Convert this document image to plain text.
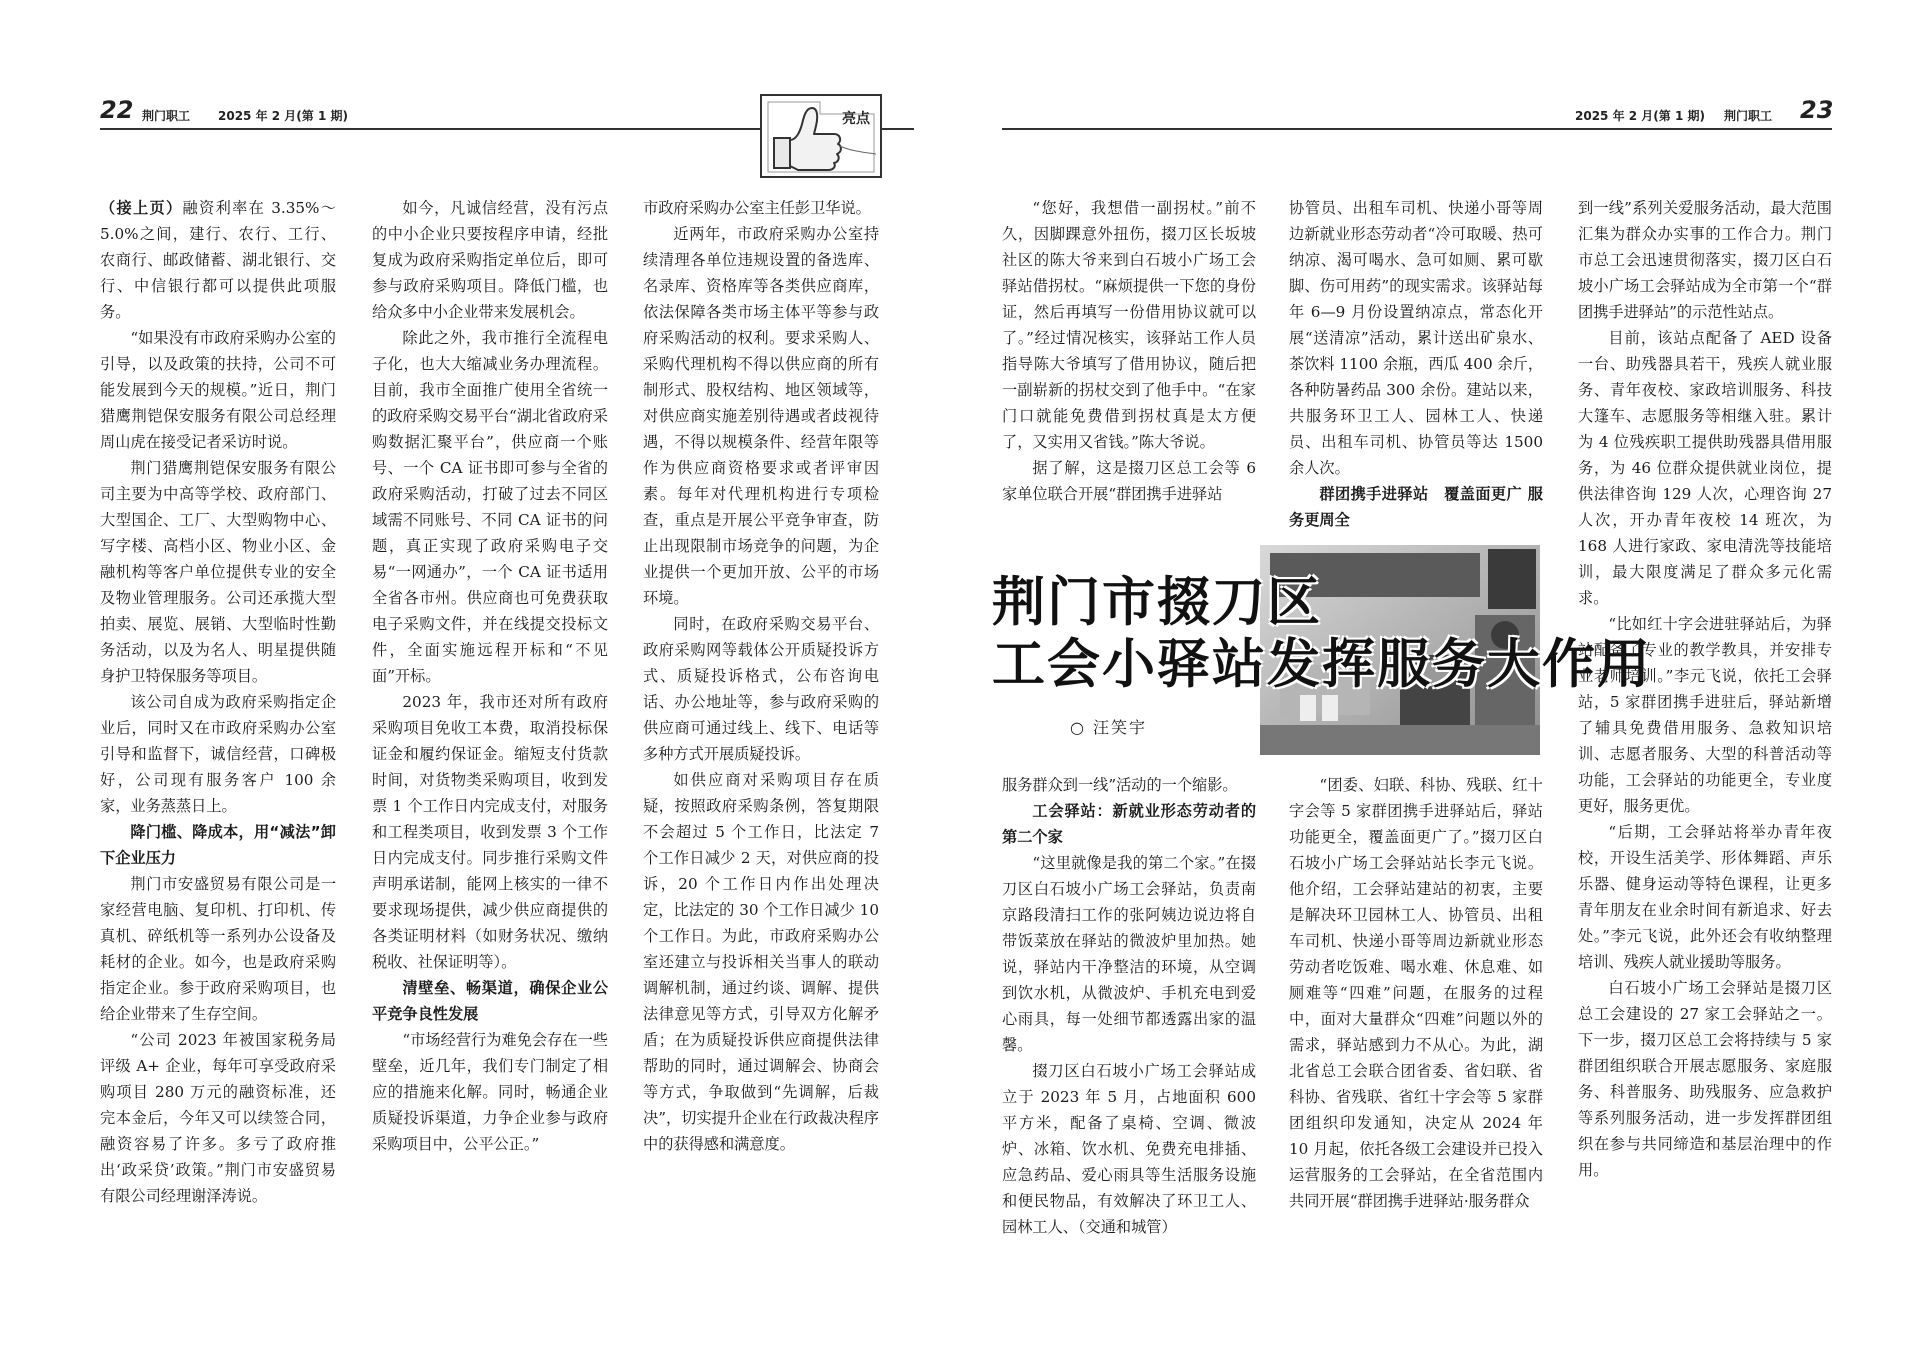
22 荆门职工 2025 年 2 月(第 1 期)	亮点	2025 年 2 月(第 1 期) 荆门职工 23

（接上页）融资利率在 3.35%～5.0%之间，建行、农行、工行、农商行、邮政储蓄、湖北银行、交行、中信银行都可以提供此项服务。

“如果没有市政府采购办公室的引导，以及政策的扶持，公司不可能发展到今天的规模。”近日，荆门猎鹰荆铠保安服务有限公司总经理周山虎在接受记者采访时说。

荆门猎鹰荆铠保安服务有限公司主要为中高等学校、政府部门、大型国企、工厂、大型购物中心、写字楼、高档小区、物业小区、金融机构等客户单位提供专业的安全及物业管理服务。公司还承揽大型拍卖、展览、展销、大型临时性勤务活动，以及为名人、明星提供随身护卫特保服务等项目。

该公司自成为政府采购指定企业后，同时又在市政府采购办公室引导和监督下，诚信经营，口碑极好，公司现有服务客户 100 余家，业务蒸蒸日上。

降门槛、降成本，用“减法”卸下企业压力

荆门市安盛贸易有限公司是一家经营电脑、复印机、打印机、传真机、碎纸机等一系列办公设备及耗材的企业。如今，也是政府采购指定企业。参于政府采购项目，也给企业带来了生存空间。

“公司 2023 年被国家税务局评级 A+ 企业，每年可享受政府采购项目 280 万元的融资标准，还完本金后，今年又可以续签合同，融资容易了许多。多亏了政府推出‘政采贷’政策。”荆门市安盛贸易有限公司经理谢泽涛说。

如今，凡诚信经营，没有污点的中小企业只要按程序申请，经批复成为政府采购指定单位后，即可参与政府采购项目。降低门槛，也给众多中小企业带来发展机会。

除此之外，我市推行全流程电子化，也大大缩减业务办理流程。目前，我市全面推广使用全省统一的政府采购交易平台“湖北省政府采购数据汇聚平台”，供应商一个账号、一个 CA 证书即可参与全省的政府采购活动，打破了过去不同区域需不同账号、不同 CA 证书的问题，真正实现了政府采购电子交易“一网通办”，一个 CA 证书适用全省各市州。供应商也可免费获取电子采购文件，并在线提交投标文件，全面实施远程开标和“不见面”开标。

2023 年，我市还对所有政府采购项目免收工本费，取消投标保证金和履约保证金。缩短支付货款时间，对货物类采购项目，收到发票 1 个工作日内完成支付，对服务和工程类项目，收到发票 3 个工作日内完成支付。同步推行采购文件声明承诺制，能网上核实的一律不要求现场提供，减少供应商提供的各类证明材料（如财务状况、缴纳税收、社保证明等）。

清壁垒、畅渠道，确保企业公平竞争良性发展

“市场经营行为难免会存在一些壁垒，近几年，我们专门制定了相应的措施来化解。同时，畅通企业质疑投诉渠道，力争企业参与政府采购项目中，公平公正。”

市政府采购办公室主任彭卫华说。

近两年，市政府采购办公室持续清理各单位违规设置的备选库、名录库、资格库等各类供应商库，依法保障各类市场主体平等参与政府采购活动的权利。要求采购人、采购代理机构不得以供应商的所有制形式、股权结构、地区领域等，对供应商实施差别待遇或者歧视待遇，不得以规模条件、经营年限等作为供应商资格要求或者评审因素。每年对代理机构进行专项检查，重点是开展公平竞争审查，防止出现限制市场竞争的问题，为企业提供一个更加开放、公平的市场环境。

同时，在政府采购交易平台、政府采购网等载体公开质疑投诉方式、质疑投诉格式，公布咨询电话、办公地址等，参与政府采购的供应商可通过线上、线下、电话等多种方式开展质疑投诉。

如供应商对采购项目存在质疑，按照政府采购条例，答复期限不会超过 5 个工作日，比法定 7 个工作日减少 2 天，对供应商的投诉，20 个工作日内作出处理决定，比法定的 30 个工作日减少 10 个工作日。为此，市政府采购办公室还建立与投诉相关当事人的联动调解机制，通过约谈、调解、提供法律意见等方式，引导双方化解矛盾；在为质疑投诉供应商提供法律帮助的同时，通过调解会、协商会等方式，争取做到“先调解，后裁决”，切实提升企业在行政裁决程序中的获得感和满意度。

荆门市掇刀区
工会小驿站发挥服务大作用
○ 汪笑宇

“您好，我想借一副拐杖。”前不久，因脚踝意外扭伤，掇刀区长坂坡社区的陈大爷来到白石坡小广场工会驿站借拐杖。“麻烦提供一下您的身份证，然后再填写一份借用协议就可以了。”经过情况核实，该驿站工作人员指导陈大爷填写了借用协议，随后把一副崭新的拐杖交到了他手中。“在家门口就能免费借到拐杖真是太方便了，又实用又省钱。”陈大爷说。

据了解，这是掇刀区总工会等 6 家单位联合开展“群团携手进驿站

协管员、出租车司机、快递小哥等周边新就业形态劳动者“冷可取暖、热可纳凉、渴可喝水、急可如厕、累可歇脚、伤可用药”的现实需求。该驿站每年 6—9 月份设置纳凉点，常态化开展“送清凉”活动，累计送出矿泉水、茶饮料 1100 余瓶，西瓜 400 余斤，各种防暑药品 300 余份。建站以来，共服务环卫工人、园林工人、快递员、出租车司机、协管员等达 1500 余人次。

群团携手进驿站　覆盖面更广 服务更周全

服务群众到一线”活动的一个缩影。

工会驿站：新就业形态劳动者的第二个家

“这里就像是我的第二个家。”在掇刀区白石坡小广场工会驿站，负责南京路段清扫工作的张阿姨边说边将自带饭菜放在驿站的微波炉里加热。她说，驿站内干净整洁的环境，从空调到饮水机，从微波炉、手机充电到爱心雨具，每一处细节都透露出家的温馨。

掇刀区白石坡小广场工会驿站成立于 2023 年 5 月，占地面积 600 平方米，配备了桌椅、空调、微波炉、冰箱、饮水机、免费充电排插、应急药品、爱心雨具等生活服务设施和便民物品，有效解决了环卫工人、园林工人、（交通和城管）

“团委、妇联、科协、残联、红十字会等 5 家群团携手进驿站后，驿站功能更全，覆盖面更广了。”掇刀区白石坡小广场工会驿站站长李元飞说。他介绍，工会驿站建站的初衷，主要是解决环卫园林工人、协管员、出租车司机、快递小哥等周边新就业形态劳动者吃饭难、喝水难、休息难、如厕难等“四难”问题，在服务的过程中，面对大量群众“四难”问题以外的需求，驿站感到力不从心。为此，湖北省总工会联合团省委、省妇联、省科协、省残联、省红十字会等 5 家群团组织印发通知，决定从 2024 年 10 月起，依托各级工会建设并已投入运营服务的工会驿站，在全省范围内共同开展“群团携手进驿站·服务群众

到一线”系列关爱服务活动，最大范围汇集为群众办实事的工作合力。荆门市总工会迅速贯彻落实，掇刀区白石坡小广场工会驿站成为全市第一个“群团携手进驿站”的示范性站点。

目前，该站点配备了 AED 设备一台、助残器具若干，残疾人就业服务、青年夜校、家政培训服务、科技大篷车、志愿服务等相继入驻。累计为 4 位残疾职工提供助残器具借用服务，为 46 位群众提供就业岗位，提供法律咨询 129 人次，心理咨询 27 人次，开办青年夜校 14 班次，为 168 人进行家政、家电清洗等技能培训，最大限度满足了群众多元化需求。

“比如红十字会进驻驿站后，为驿站配备了专业的教学教具，并安排专业老师培训。”李元飞说，依托工会驿站，5 家群团携手进驻后，驿站新增了辅具免费借用服务、急救知识培训、志愿者服务、大型的科普活动等功能，工会驿站的功能更全，专业度更好，服务更优。

“后期，工会驿站将举办青年夜校，开设生活美学、形体舞蹈、声乐乐器、健身运动等特色课程，让更多青年朋友在业余时间有新追求、好去处。”李元飞说，此外还会有收纳整理培训、残疾人就业援助等服务。

白石坡小广场工会驿站是掇刀区总工会建设的 27 家工会驿站之一。下一步，掇刀区总工会将持续与 5 家群团组织联合开展志愿服务、家庭服务、科普服务、助残服务、应急救护等系列服务活动，进一步发挥群团组织在参与共同缔造和基层治理中的作用。
